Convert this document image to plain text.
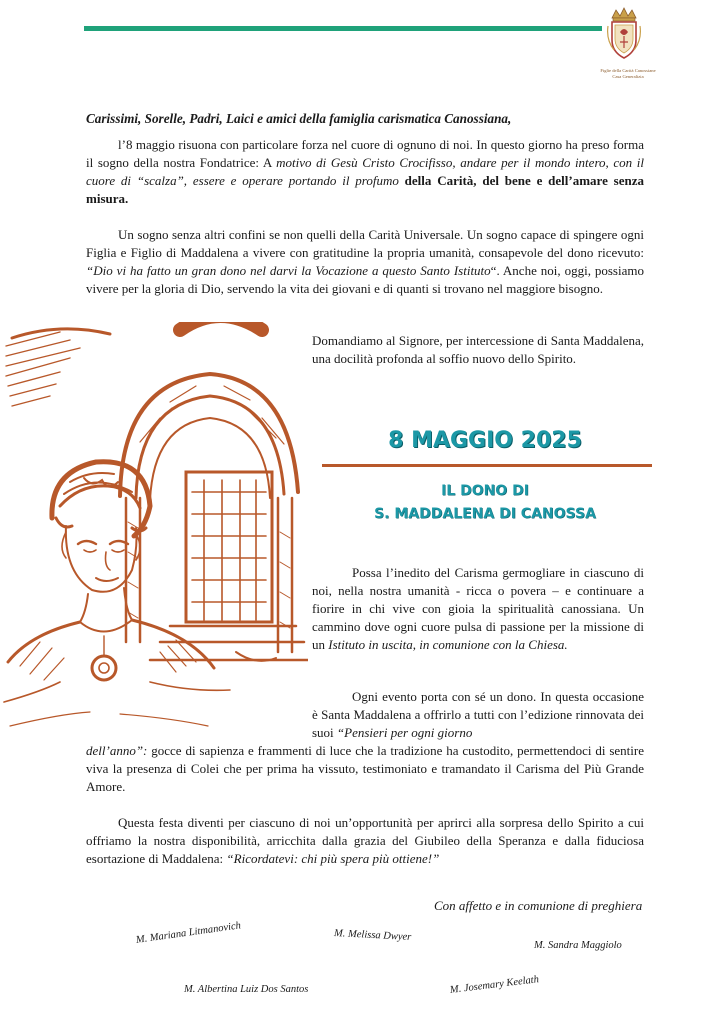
Figlie della Carità Canossiane
Casa Generalizia
Carissimi, Sorelle, Padri, Laici e amici della famiglia carismatica Canossiana,
l’8 maggio risuona con particolare forza nel cuore di ognuno di noi. In questo giorno ha preso forma il sogno della nostra Fondatrice: A motivo di Gesù Cristo Crocifisso, andare per il mondo intero, con il cuore di “scalza”, essere e operare portando il profumo della Carità, del bene e dell’amare senza misura.
Un sogno senza altri confini se non quelli della Carità Universale. Un sogno capace di spingere ogni Figlia e Figlio di Maddalena a vivere con gratitudine la propria umanità, consapevole del dono ricevuto: “Dio vi ha fatto un gran dono nel darvi la Vocazione a questo Santo Istituto“. Anche noi, oggi, possiamo vivere per la gloria di Dio, servendo la vita dei giovani e di quanti si trovano nel maggiore bisogno.
Domandiamo al Signore, per intercessione di Santa Maddalena, una docilità profonda al soffio nuovo dello Spirito.
8 MAGGIO 2025
IL DONO DI
S. MADDALENA DI CANOSSA
Possa l’inedito del Carisma germogliare in ciascuno di noi, nella nostra umanità - ricca o povera – e continuare a fiorire in chi vive con gioia la spiritualità canossiana. Un cammino dove ogni cuore pulsa di passione per la missione di un Istituto in uscita, in comunione con la Chiesa.
Ogni evento porta con sé un dono. In questa occasione è Santa Maddalena a offrirlo a tutti con l’edizione rinnovata dei suoi “Pensieri per ogni giorno
dell’anno”: gocce di sapienza e frammenti di luce che la tradizione ha custodito, permettendoci di sentire viva la presenza di Colei che per prima ha vissuto, testimoniato e tramandato il Carisma del Più Grande Amore.
Questa festa diventi per ciascuno di noi un’opportunità per aprirci alla sorpresa dello Spirito a cui offriamo la nostra disponibilità, arricchita dalla grazia del Giubileo della Speranza e dalla fiduciosa esortazione di Maddalena: “Ricordatevi: chi più spera più ottiene!”
Con affetto e in comunione di preghiera
M. Mariana Litmanovich	M. Melissa Dwyer
M. Sandra Maggiolo
M. Albertina Luiz Dos Santos	M. Josemary Keelath
